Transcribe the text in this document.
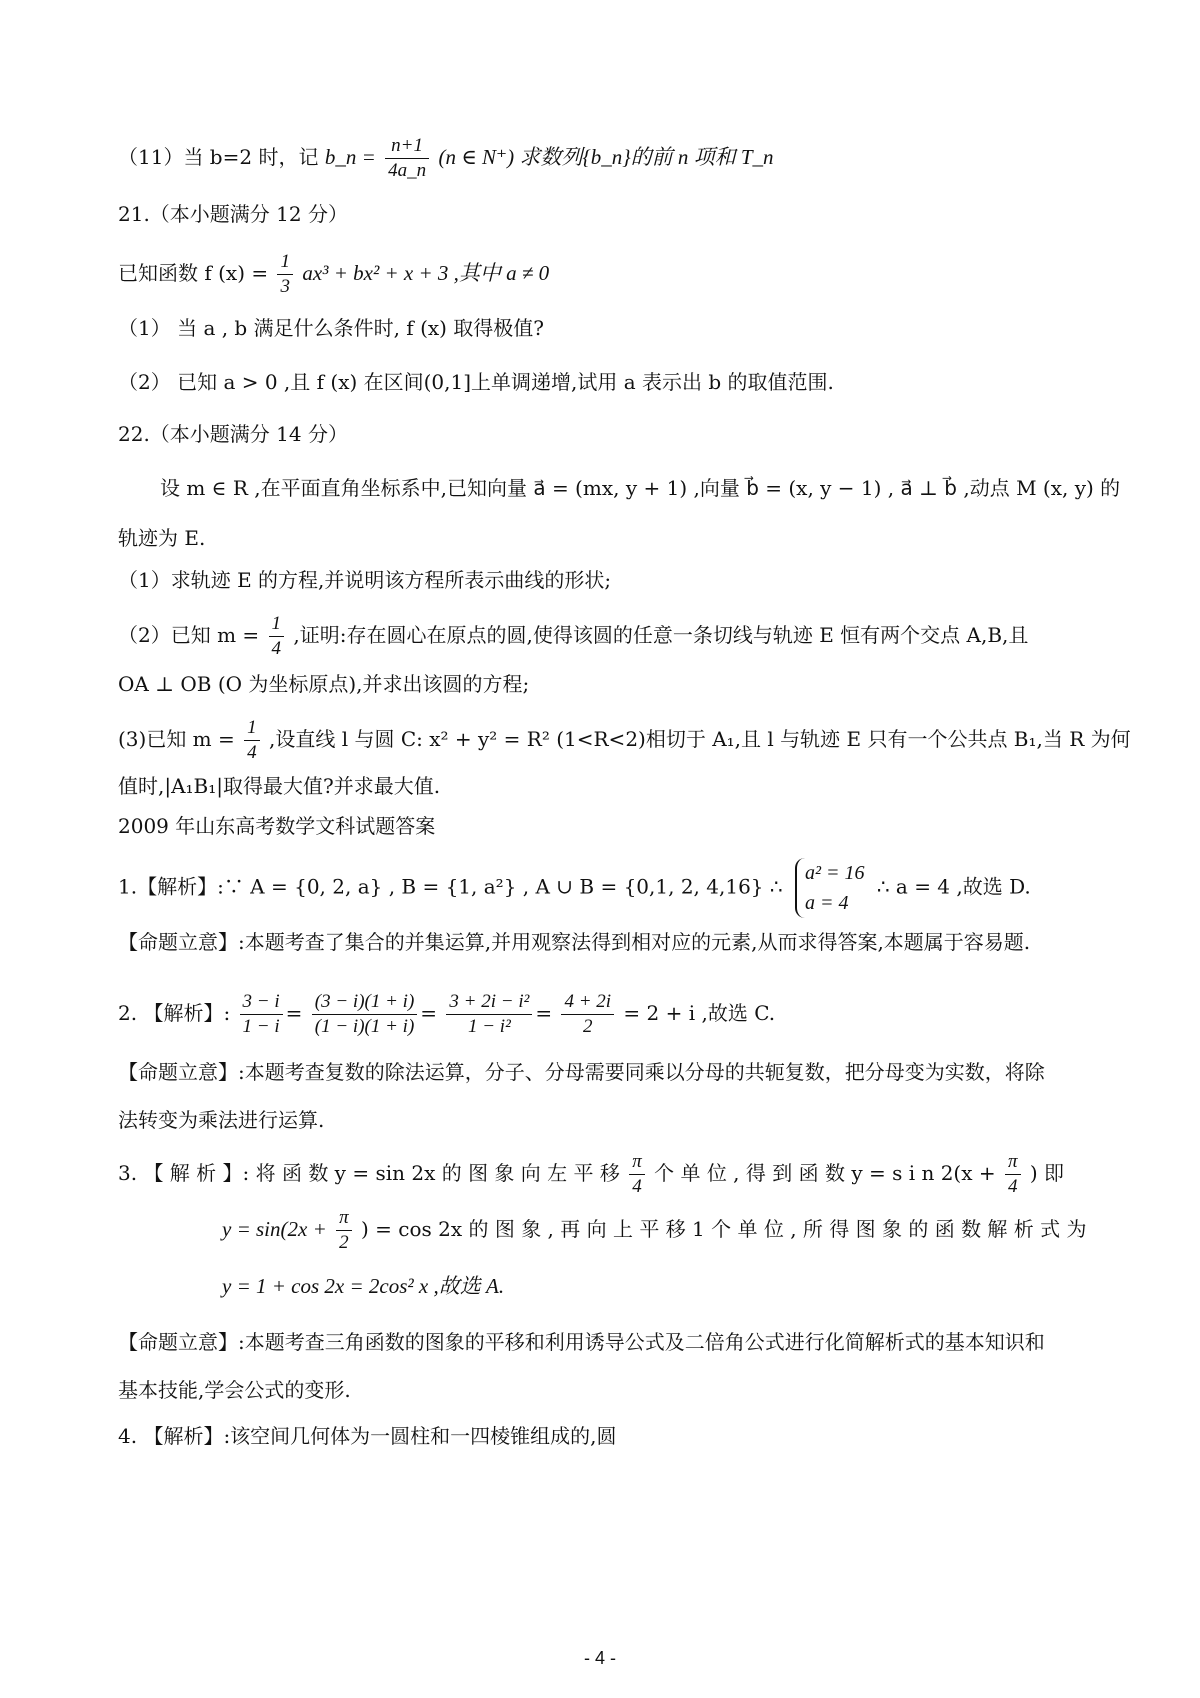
（11）当 b=2 时，记 b_n = $\frac{n+1}{4a\_n} (n$ ∈ N⁺) 求数列{b_n}的前 n 项和 T_n
21.（本小题满分 12 分）
已知函数 f $(x) = \frac{1}{3} ax^3 + bx^2 + x + 3$ ,其中 a ≠ 0
（1） 当 a , b 满足什么条件时, f (x) 取得极值?
（2） 已知 a > 0 ,且 f (x) 在区间(0,1]上单调递增,试用 a 表示出 b 的取值范围.
22.（本小题满分 14 分）
设 m ∈ R ,在平面直角坐标系中,已知向量 a⃗ = (mx, y + 1) ,向量 b⃗ = (x, y − 1) , a⃗ ⊥ b⃗ ,动点 M (x, y) 的
轨迹为 E.
（1）求轨迹 E 的方程,并说明该方程所表示曲线的形状;
（2）已知 $m = \frac{1}{4}$ ,证明:存在圆心在原点的圆,使得该圆的任意一条切线与轨迹 E 恒有两个交点 A,B,且
OA ⊥ OB (O 为坐标原点),并求出该圆的方程;
(3)已知 $m = \frac{1}{4}$ ,设直线 l 与圆 C: x² + y² = R² (1<R<2)相切于 A₁,且 l 与轨迹 E 只有一个公共点 B₁,当 R 为何
值时,|A₁B₁|取得最大值?并求最大值.
2009 年山东高考数学文科试题答案
1.【解析】:∵ A = {0, 2, a} , B = {1, a²} , A ∪ B = {0,1, 2, 4,16} ∴
a² = 16
a = 4
∴ a = 4 ,故选 D.
【命题立意】:本题考查了集合的并集运算,并用观察法得到相对应的元素,从而求得答案,本题属于容易题.
2. 【解析】: $\frac{3 - i}{1 - i} = \frac{(3 - i)(1 + i)}{(1 - i)(1 + i)} = \frac{\text{3 + 2i − i²}}{\text{1 − i²}} = \frac{4 + 2i}{2} = 2 + i$ ,故选 C.
【命题立意】:本题考查复数的除法运算，分子、分母需要同乘以分母的共轭复数，把分母变为实数，将除
法转变为乘法进行运算.
3. 【 解 析 】: 将 函 数 y = sin 2x 的 图 象 向 左 平 移 $\frac{\pi}{4}$ 个 单 位 , 得 到 函 数 y = s i n $2(x + \frac{\pi}{4}$ ) 即
$y = \sin(2x + \frac{\pi}{2}$ ) = cos 2x 的 图 象 , 再 向 上 平 移 1 个 单 位 , 所 得 图 象 的 函 数 解 析 式 为
y = 1 + cos 2x = 2cos² x ,故选 A.
【命题立意】:本题考查三角函数的图象的平移和利用诱导公式及二倍角公式进行化简解析式的基本知识和
基本技能,学会公式的变形.
4. 【解析】:该空间几何体为一圆柱和一四棱锥组成的,圆
- 4 -
